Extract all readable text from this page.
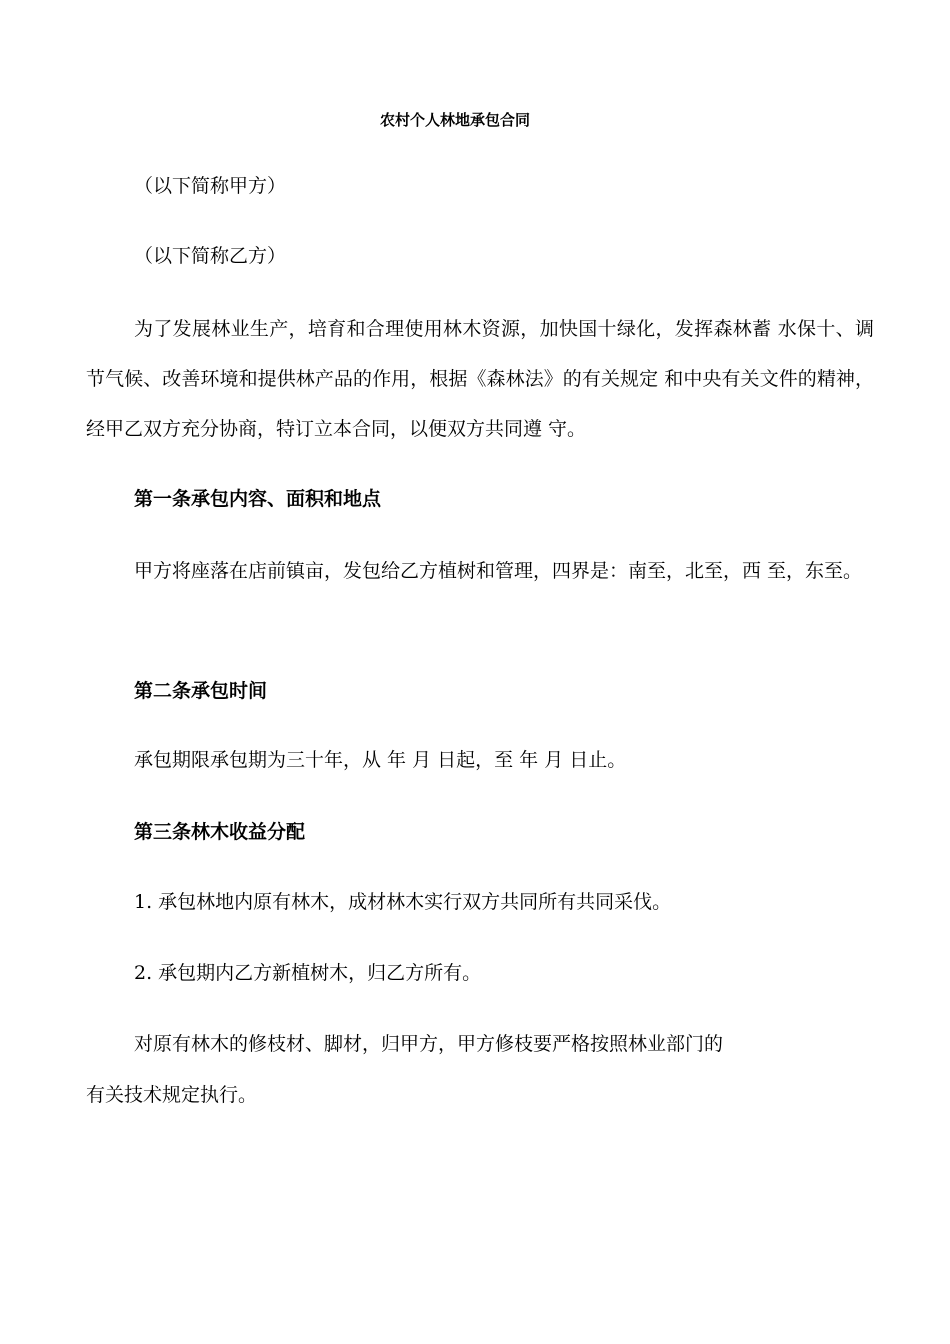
农村个人林地承包合同
（以下简称甲方）
（以下简称乙方）

为了发展林业生产，培育和合理使用林木资源，加快国十绿化，发挥森林蓄 水保十、调节气候、改善环境和提供林产品的作用，根据《森林法》的有关规定 和中央有关文件的精神，经甲乙双方充分协商，特订立本合同，以便双方共同遵 守。

第一条承包内容、面积和地点

甲方将座落在店前镇亩，发包给乙方植树和管理，四界是：南至，北至，西 至，东至。

第二条承包时间
承包期限承包期为三十年，从 年 月 日起，至 年 月 日止。
第三条林木收益分配
1. 承包林地内原有林木，成材林木实行双方共同所有共同采伐。
2. 承包期内乙方新植树木，归乙方所有。
对原有林木的修枝材、脚材，归甲方，甲方修枝要严格按照林业部门的
有关技术规定执行。
